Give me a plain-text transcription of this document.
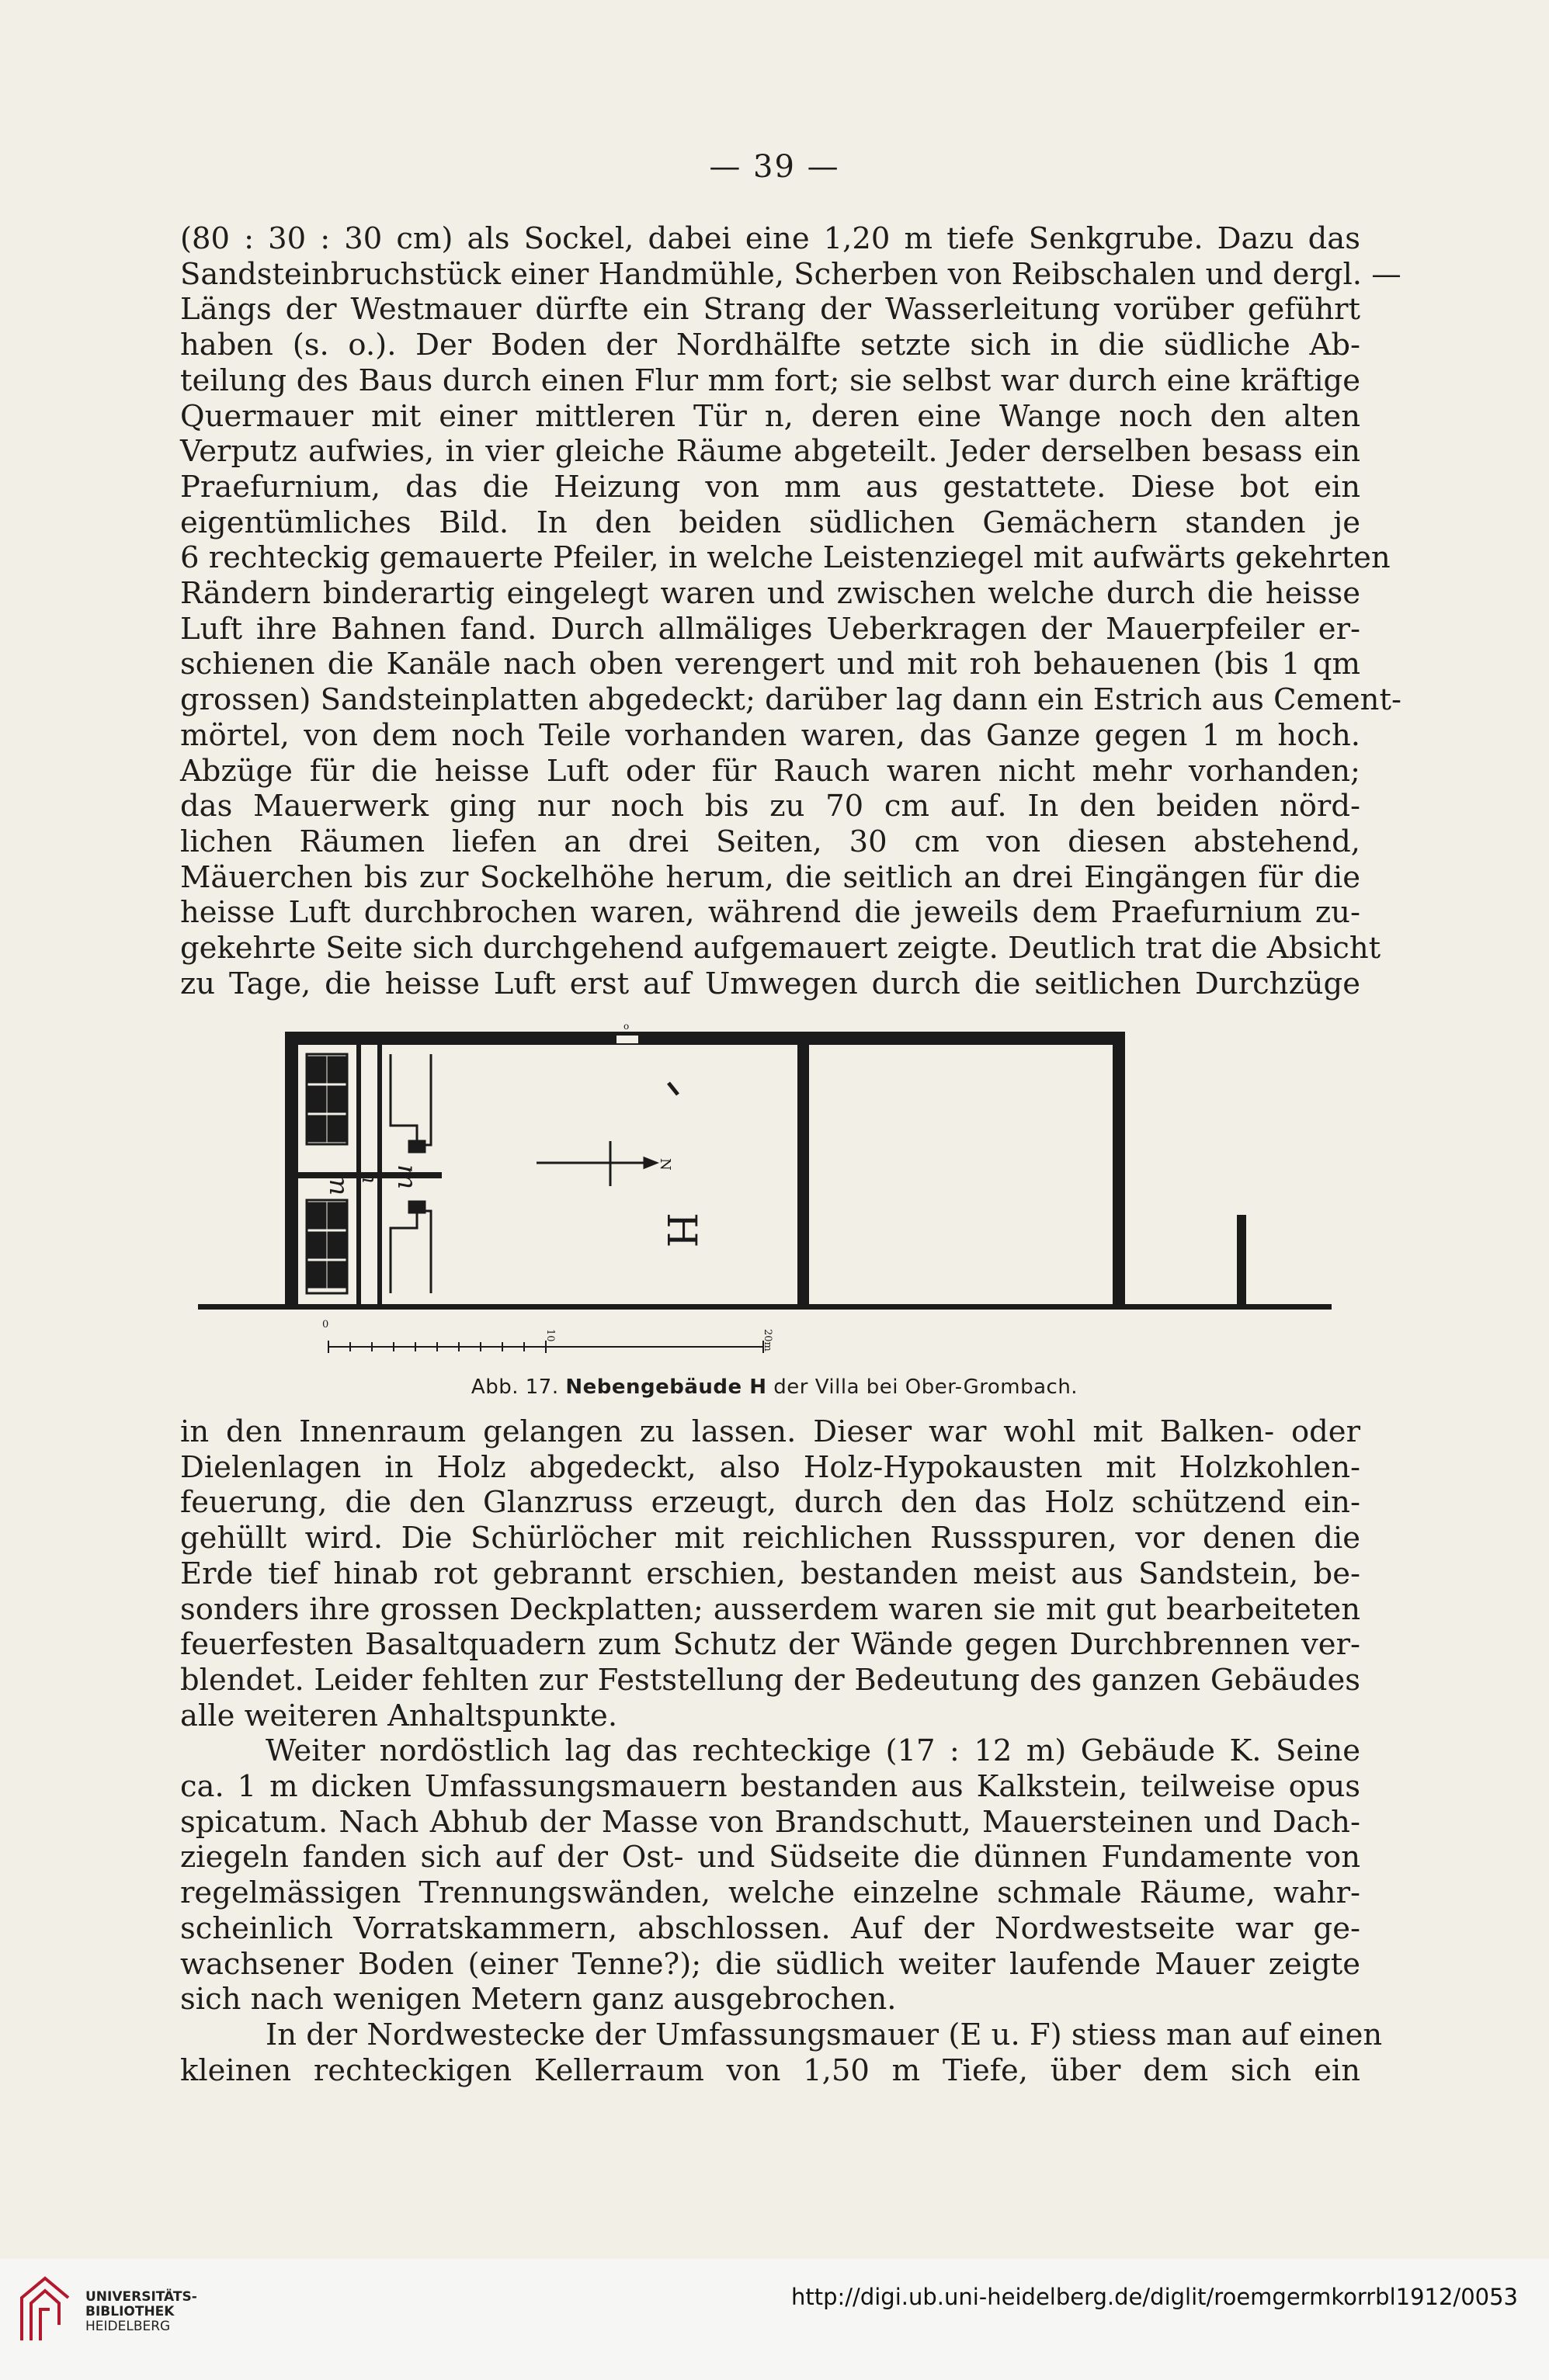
— 39 —

(80 : 30 : 30 cm) als Sockel, dabei eine 1,20 m tiefe Senkgrube. Dazu das

Sandsteinbruchstück einer Handmühle, Scherben von Reibschalen und dergl. —

Längs der Westmauer dürfte ein Strang der Wasserleitung vorüber geführt

haben (s. o.). Der Boden der Nordhälfte setzte sich in die südliche Ab-

teilung des Baus durch einen Flur mm fort; sie selbst war durch eine kräftige

Quermauer mit einer mittleren Tür n, deren eine Wange noch den alten

Verputz aufwies, in vier gleiche Räume abgeteilt. Jeder derselben besass ein

Praefurnium, das die Heizung von mm aus gestattete. Diese bot ein

eigentümliches Bild. In den beiden südlichen Gemächern standen je

6 rechteckig gemauerte Pfeiler, in welche Leistenziegel mit aufwärts gekehrten

Rändern binderartig eingelegt waren und zwischen welche durch die heisse

Luft ihre Bahnen fand. Durch allmäliges Ueberkragen der Mauerpfeiler er-

schienen die Kanäle nach oben verengert und mit roh behauenen (bis 1 qm

grossen) Sandsteinplatten abgedeckt; darüber lag dann ein Estrich aus Cement-

mörtel, von dem noch Teile vorhanden waren, das Ganze gegen 1 m hoch.

Abzüge für die heisse Luft oder für Rauch waren nicht mehr vorhanden;

das Mauerwerk ging nur noch bis zu 70 cm auf. In den beiden nörd-

lichen Räumen liefen an drei Seiten, 30 cm von diesen abstehend,

Mäuerchen bis zur Sockelhöhe herum, die seitlich an drei Eingängen für die

heisse Luft durchbrochen waren, während die jeweils dem Praefurnium zu-

gekehrte Seite sich durchgehend aufgemauert zeigte. Deutlich trat die Absicht

zu Tage, die heisse Luft erst auf Umwegen durch die seitlichen Durchzüge

o
m n m
N
H
0
10	20m
Abb. 17. Nebengebäude H der Villa bei Ober-Grombach.

in den Innenraum gelangen zu lassen. Dieser war wohl mit Balken- oder

Dielenlagen in Holz abgedeckt, also Holz-Hypokausten mit Holzkohlen-

feuerung, die den Glanzruss erzeugt, durch den das Holz schützend ein-

gehüllt wird. Die Schürlöcher mit reichlichen Russspuren, vor denen die

Erde tief hinab rot gebrannt erschien, bestanden meist aus Sandstein, be-

sonders ihre grossen Deckplatten; ausserdem waren sie mit gut bearbeiteten

feuerfesten Basaltquadern zum Schutz der Wände gegen Durchbrennen ver-

blendet. Leider fehlten zur Feststellung der Bedeutung des ganzen Gebäudes

alle weiteren Anhaltspunkte.

Weiter nordöstlich lag das rechteckige (17 : 12 m) Gebäude K. Seine

ca. 1 m dicken Umfassungsmauern bestanden aus Kalkstein, teilweise opus

spicatum. Nach Abhub der Masse von Brandschutt, Mauersteinen und Dach-

ziegeln fanden sich auf der Ost- und Südseite die dünnen Fundamente von

regelmässigen Trennungswänden, welche einzelne schmale Räume, wahr-

scheinlich Vorratskammern, abschlossen. Auf der Nordwestseite war ge-

wachsener Boden (einer Tenne?); die südlich weiter laufende Mauer zeigte

sich nach wenigen Metern ganz ausgebrochen.

In der Nordwestecke der Umfassungsmauer (E u. F) stiess man auf einen

kleinen rechteckigen Kellerraum von 1,50 m Tiefe, über dem sich ein

UNIVERSITÄTS-
BIBLIOTHEK
HEIDELBERG
http://digi.ub.uni-heidelberg.de/diglit/roemgermkorrbl1912/0053
